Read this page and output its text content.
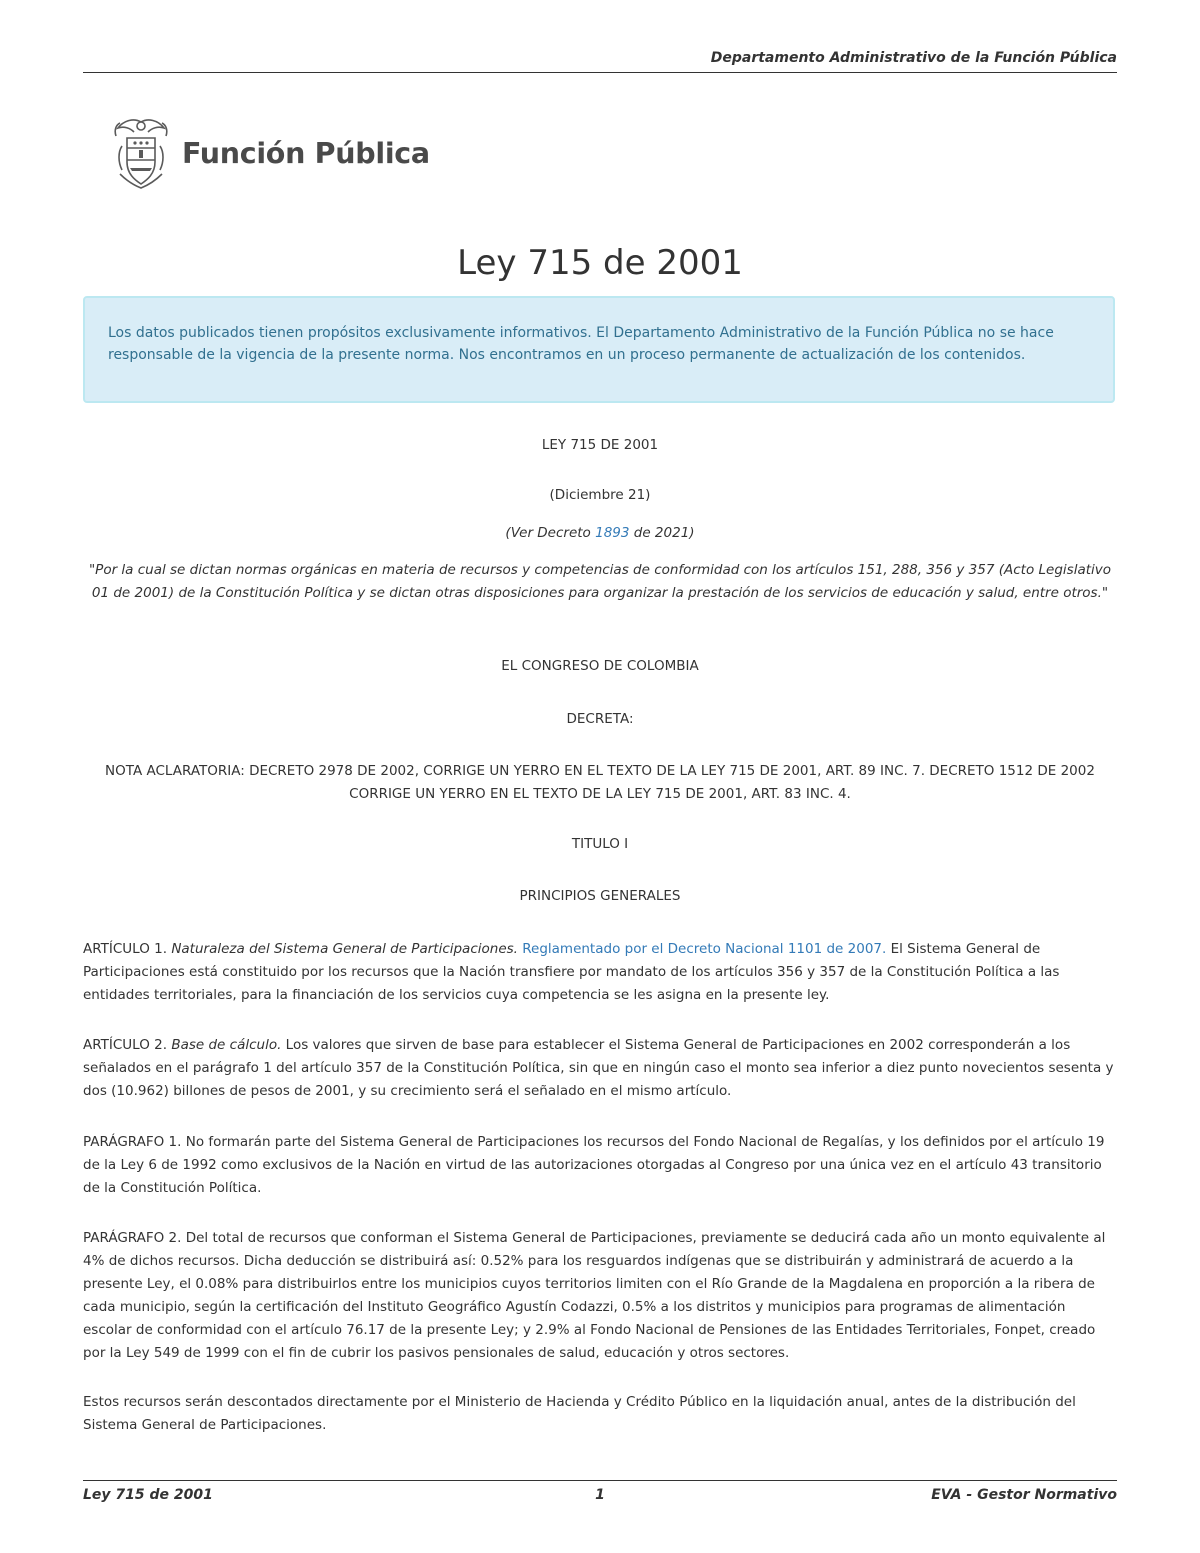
Departamento Administrativo de la Función Pública
Función Pública
Ley 715 de 2001
Los datos publicados tienen propósitos exclusivamente informativos. El Departamento Administrativo de la Función Pública no se hace responsable de la vigencia de la presente norma. Nos encontramos en un proceso permanente de actualización de los contenidos.
LEY 715 DE 2001
(Diciembre 21)
(Ver Decreto 1893 de 2021)
"Por la cual se dictan normas orgánicas en materia de recursos y competencias de conformidad con los artículos 151, 288, 356 y 357 (Acto Legislativo 01 de 2001) de la Constitución Política y se dictan otras disposiciones para organizar la prestación de los servicios de educación y salud, entre otros."
EL CONGRESO DE COLOMBIA
DECRETA:
NOTA ACLARATORIA: DECRETO 2978 DE 2002, CORRIGE UN YERRO EN EL TEXTO DE LA LEY 715 DE 2001, ART. 89 INC. 7. DECRETO 1512 DE 2002 CORRIGE UN YERRO EN EL TEXTO DE LA LEY 715 DE 2001, ART. 83 INC. 4.
TITULO I
PRINCIPIOS GENERALES
ARTÍCULO 1. Naturaleza del Sistema General de Participaciones. Reglamentado por el Decreto Nacional 1101 de 2007. El Sistema General de Participaciones está constituido por los recursos que la Nación transfiere por mandato de los artículos 356 y 357 de la Constitución Política a las entidades territoriales, para la financiación de los servicios cuya competencia se les asigna en la presente ley.
ARTÍCULO 2. Base de cálculo. Los valores que sirven de base para establecer el Sistema General de Participaciones en 2002 corresponderán a los señalados en el parágrafo 1 del artículo 357 de la Constitución Política, sin que en ningún caso el monto sea inferior a diez punto novecientos sesenta y dos (10.962) billones de pesos de 2001, y su crecimiento será el señalado en el mismo artículo.
PARÁGRAFO 1. No formarán parte del Sistema General de Participaciones los recursos del Fondo Nacional de Regalías, y los definidos por el artículo 19 de la Ley 6 de 1992 como exclusivos de la Nación en virtud de las autorizaciones otorgadas al Congreso por una única vez en el artículo 43 transitorio de la Constitución Política.
PARÁGRAFO 2. Del total de recursos que conforman el Sistema General de Participaciones, previamente se deducirá cada año un monto equivalente al 4% de dichos recursos. Dicha deducción se distribuirá así: 0.52% para los resguardos indígenas que se distribuirán y administrará de acuerdo a la presente Ley, el 0.08% para distribuirlos entre los municipios cuyos territorios limiten con el Río Grande de la Magdalena en proporción a la ribera de cada municipio, según la certificación del Instituto Geográfico Agustín Codazzi, 0.5% a los distritos y municipios para programas de alimentación escolar de conformidad con el artículo 76.17 de la presente Ley; y 2.9% al Fondo Nacional de Pensiones de las Entidades Territoriales, Fonpet, creado por la Ley 549 de 1999 con el fin de cubrir los pasivos pensionales de salud, educación y otros sectores.
Estos recursos serán descontados directamente por el Ministerio de Hacienda y Crédito Público en la liquidación anual, antes de la distribución del Sistema General de Participaciones.
Ley 715 de 2001	1	EVA - Gestor Normativo
